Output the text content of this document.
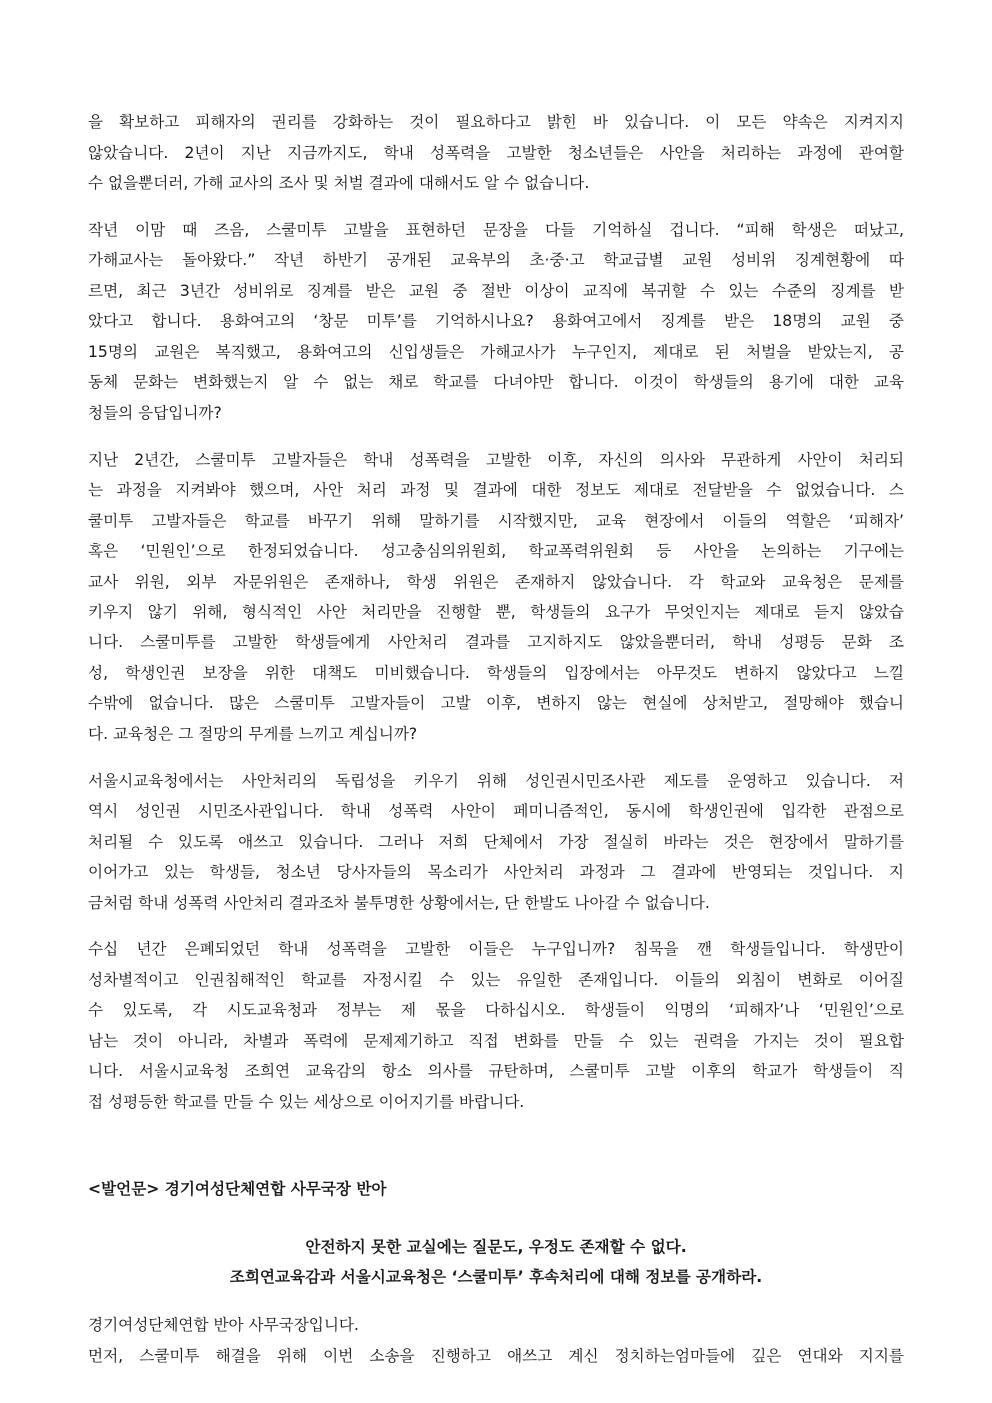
을 확보하고 피해자의 권리를 강화하는 것이 필요하다고 밝힌 바 있습니다. 이 모든 약속은 지켜지지
않았습니다. 2년이 지난 지금까지도, 학내 성폭력을 고발한 청소년들은 사안을 처리하는 과정에 관여할
수 없을뿐더러, 가해 교사의 조사 및 처벌 결과에 대해서도 알 수 없습니다.
작년 이맘 때 즈음, 스쿨미투 고발을 표현하던 문장을 다들 기억하실 겁니다. “피해 학생은 떠났고,
가해교사는 돌아왔다.” 작년 하반기 공개된 교육부의 초·중·고 학교급별 교원 성비위 징계현황에 따
르면, 최근 3년간 성비위로 징계를 받은 교원 중 절반 이상이 교직에 복귀할 수 있는 수준의 징계를 받
았다고 합니다. 용화여고의 ‘창문 미투’를 기억하시나요? 용화여고에서 징계를 받은 18명의 교원 중
15명의 교원은 복직했고, 용화여고의 신입생들은 가해교사가 누구인지, 제대로 된 처벌을 받았는지, 공
동체 문화는 변화했는지 알 수 없는 채로 학교를 다녀야만 합니다. 이것이 학생들의 용기에 대한 교육
청들의 응답입니까?
지난 2년간, 스쿨미투 고발자들은 학내 성폭력을 고발한 이후, 자신의 의사와 무관하게 사안이 처리되
는 과정을 지켜봐야 했으며, 사안 처리 과정 및 결과에 대한 정보도 제대로 전달받을 수 없었습니다. 스
쿨미투 고발자들은 학교를 바꾸기 위해 말하기를 시작했지만, 교육 현장에서 이들의 역할은 ‘피해자’
혹은 ‘민원인’으로 한정되었습니다. 성고충심의위원회, 학교폭력위원회 등 사안을 논의하는 기구에는
교사 위원, 외부 자문위원은 존재하나, 학생 위원은 존재하지 않았습니다. 각 학교와 교육청은 문제를
키우지 않기 위해, 형식적인 사안 처리만을 진행할 뿐, 학생들의 요구가 무엇인지는 제대로 듣지 않았습
니다. 스쿨미투를 고발한 학생들에게 사안처리 결과를 고지하지도 않았을뿐더러, 학내 성평등 문화 조
성, 학생인권 보장을 위한 대책도 미비했습니다. 학생들의 입장에서는 아무것도 변하지 않았다고 느낄
수밖에 없습니다. 많은 스쿨미투 고발자들이 고발 이후, 변하지 않는 현실에 상처받고, 절망해야 했습니
다. 교육청은 그 절망의 무게를 느끼고 계십니까?
서울시교육청에서는 사안처리의 독립성을 키우기 위해 성인권시민조사관 제도를 운영하고 있습니다. 저
역시 성인권 시민조사관입니다. 학내 성폭력 사안이 페미니즘적인, 동시에 학생인권에 입각한 관점으로
처리될 수 있도록 애쓰고 있습니다. 그러나 저희 단체에서 가장 절실히 바라는 것은 현장에서 말하기를
이어가고 있는 학생들, 청소년 당사자들의 목소리가 사안처리 과정과 그 결과에 반영되는 것입니다. 지
금처럼 학내 성폭력 사안처리 결과조차 불투명한 상황에서는, 단 한발도 나아갈 수 없습니다.
수십 년간 은폐되었던 학내 성폭력을 고발한 이들은 누구입니까? 침묵을 깬 학생들입니다. 학생만이
성차별적이고 인권침해적인 학교를 자정시킬 수 있는 유일한 존재입니다. 이들의 외침이 변화로 이어질
수 있도록, 각 시도교육청과 정부는 제 몫을 다하십시오. 학생들이 익명의 ‘피해자’나 ‘민원인’으로
남는 것이 아니라, 차별과 폭력에 문제제기하고 직접 변화를 만들 수 있는 권력을 가지는 것이 필요합
니다. 서울시교육청 조희연 교육감의 항소 의사를 규탄하며, 스쿨미투 고발 이후의 학교가 학생들이 직
접 성평등한 학교를 만들 수 있는 세상으로 이어지기를 바랍니다.
<발언문> 경기여성단체연합 사무국장 반아
안전하지 못한 교실에는 질문도, 우정도 존재할 수 없다.
조희연교육감과 서울시교육청은 ‘스쿨미투’ 후속처리에 대해 정보를 공개하라.
경기여성단체연합 반아 사무국장입니다.
먼저, 스쿨미투 해결을 위해 이번 소송을 진행하고 애쓰고 계신 정치하는엄마들에 깊은 연대와 지지를
